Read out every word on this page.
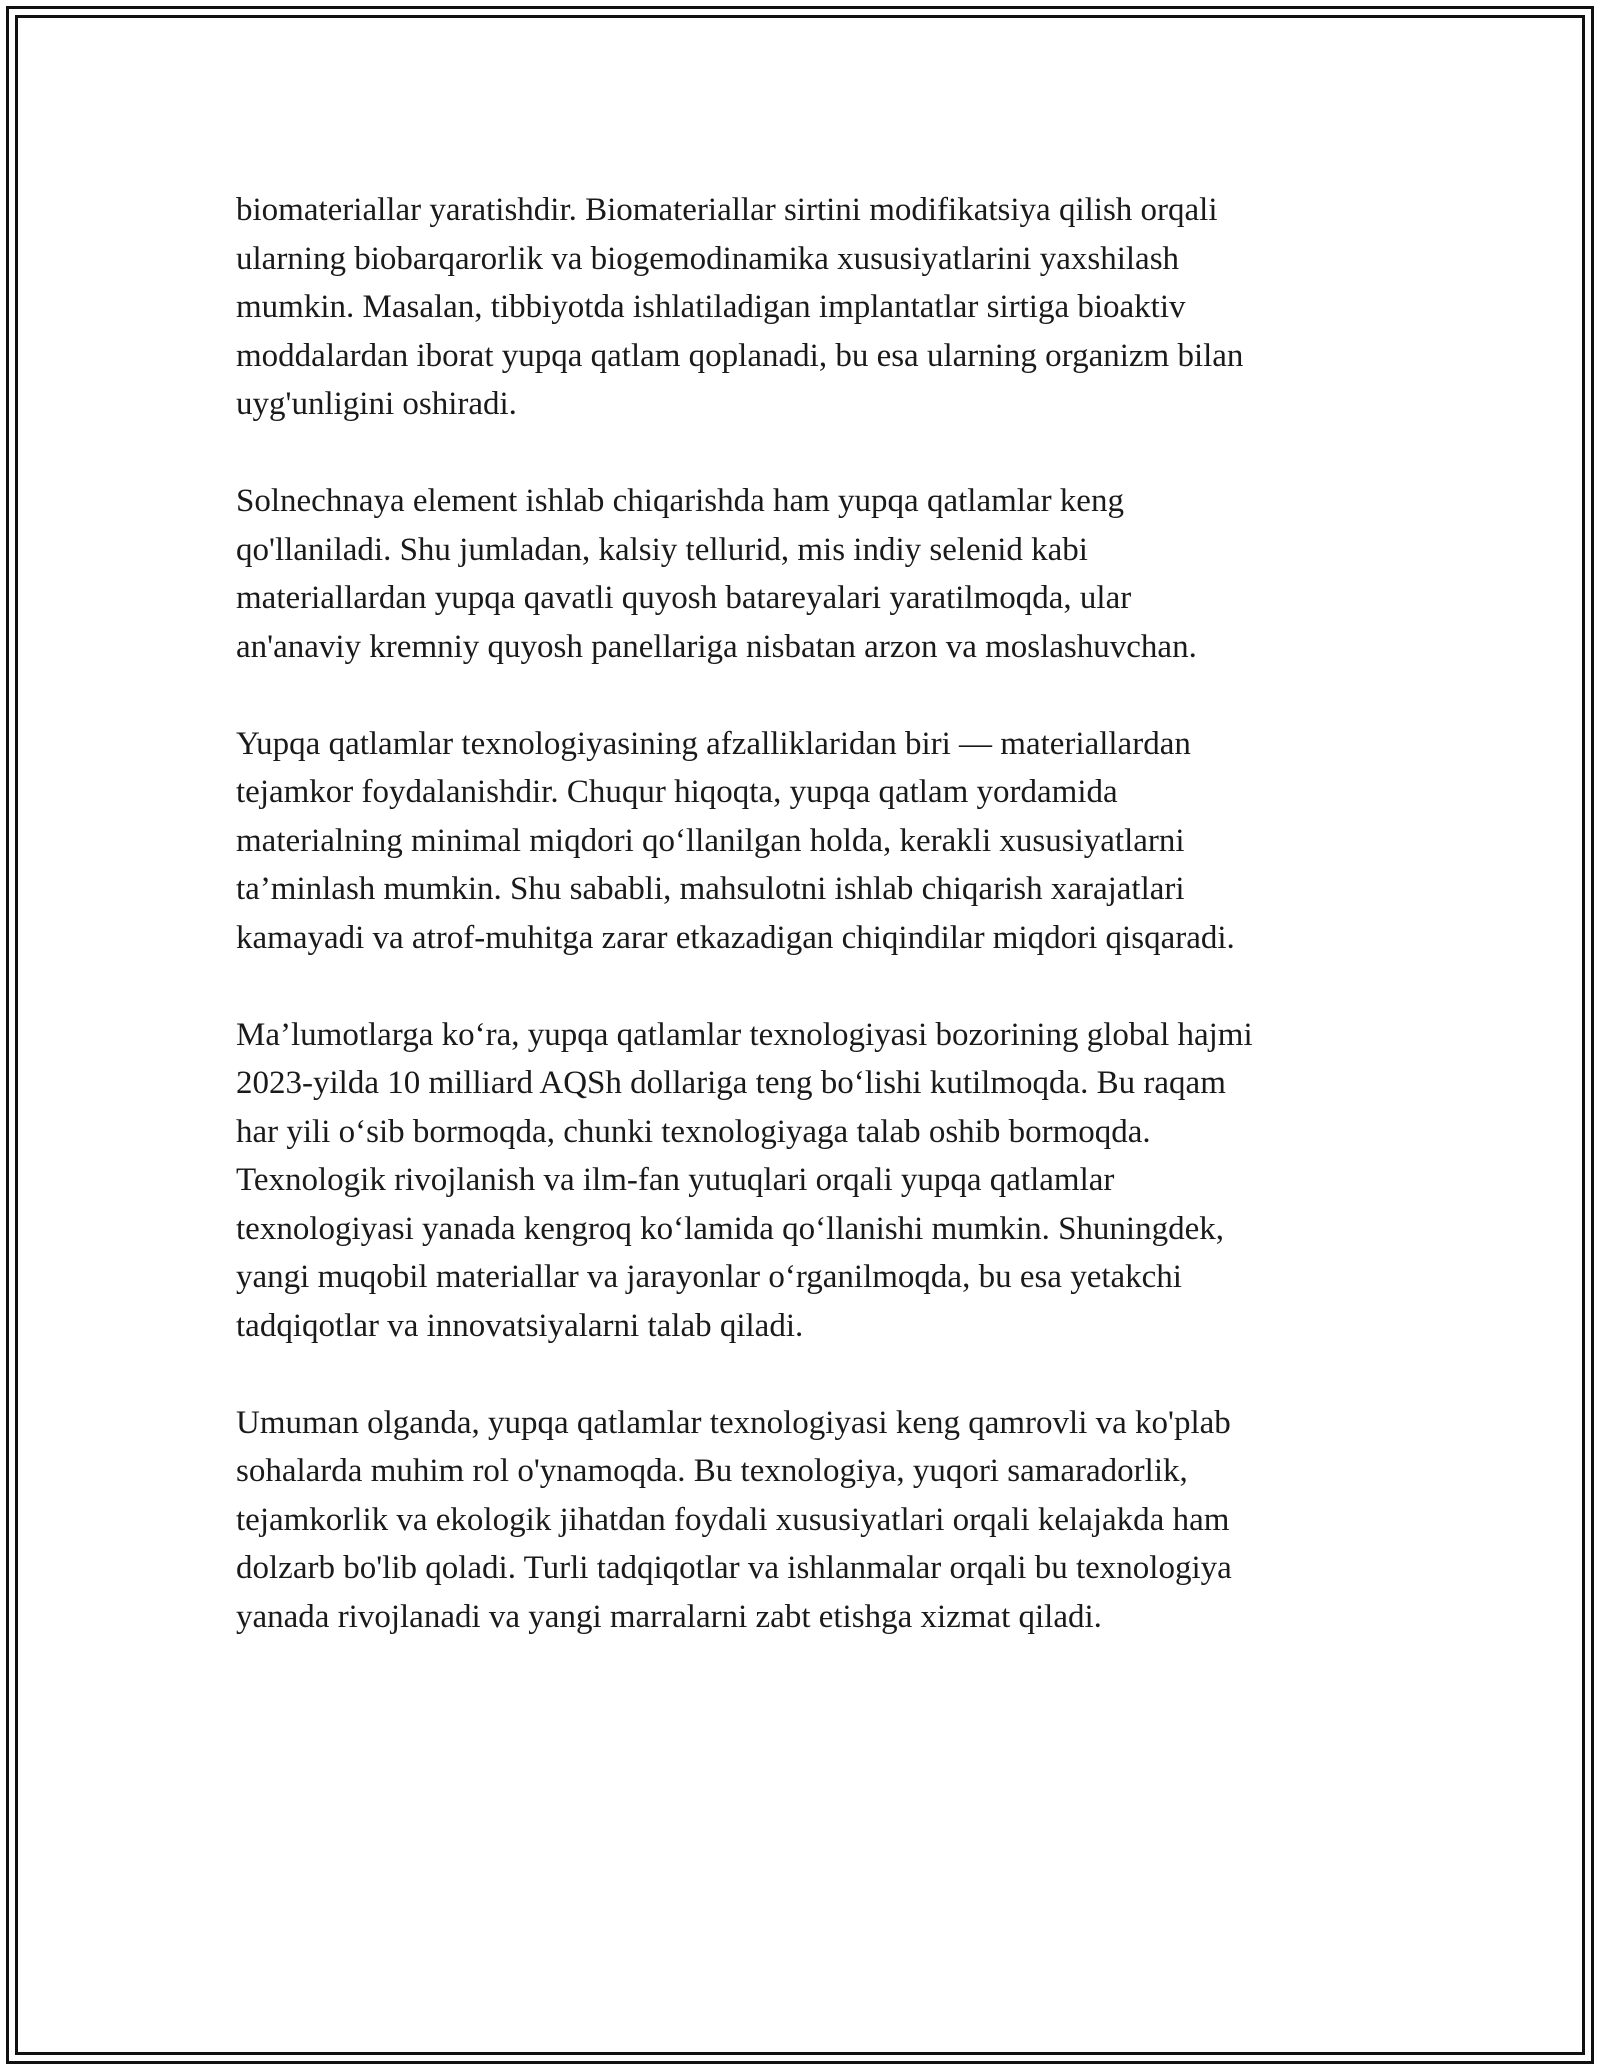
biomateriallar yaratishdir. Biomateriallar sirtini modifikatsiya qilish orqali
ularning biobarqarorlik va biogemodinamika xususiyatlarini yaxshilash
mumkin. Masalan, tibbiyotda ishlatiladigan implantatlar sirtiga bioaktiv
moddalardan iborat yupqa qatlam qoplanadi, bu esa ularning organizm bilan
uyg'unligini oshiradi.

Solnechnaya element ishlab chiqarishda ham yupqa qatlamlar keng
qo'llaniladi. Shu jumladan, kalsiy tellurid, mis indiy selenid kabi
materiallardan yupqa qavatli quyosh batareyalari yaratilmoqda, ular
an'anaviy kremniy quyosh panellariga nisbatan arzon va moslashuvchan.

Yupqa qatlamlar texnologiyasining afzalliklaridan biri — materiallardan
tejamkor foydalanishdir. Chuqur hiqoqta, yupqa qatlam yordamida
materialning minimal miqdori qo‘llanilgan holda, kerakli xususiyatlarni
ta’minlash mumkin. Shu sababli, mahsulotni ishlab chiqarish xarajatlari
kamayadi va atrof-muhitga zarar etkazadigan chiqindilar miqdori qisqaradi.

Ma’lumotlarga ko‘ra, yupqa qatlamlar texnologiyasi bozorining global hajmi
2023-yilda 10 milliard AQSh dollariga teng bo‘lishi kutilmoqda. Bu raqam
har yili o‘sib bormoqda, chunki texnologiyaga talab oshib bormoqda.
Texnologik rivojlanish va ilm-fan yutuqlari orqali yupqa qatlamlar
texnologiyasi yanada kengroq ko‘lamida qo‘llanishi mumkin. Shuningdek,
yangi muqobil materiallar va jarayonlar o‘rganilmoqda, bu esa yetakchi
tadqiqotlar va innovatsiyalarni talab qiladi.

Umuman olganda, yupqa qatlamlar texnologiyasi keng qamrovli va ko'plab
sohalarda muhim rol o'ynamoqda. Bu texnologiya, yuqori samaradorlik,
tejamkorlik va ekologik jihatdan foydali xususiyatlari orqali kelajakda ham
dolzarb bo'lib qoladi. Turli tadqiqotlar va ishlanmalar orqali bu texnologiya
yanada rivojlanadi va yangi marralarni zabt etishga xizmat qiladi.
